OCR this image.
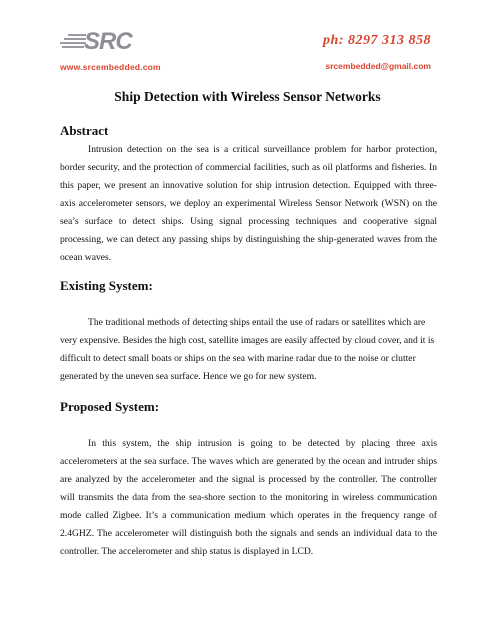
SRC
www.srcembedded.com
ph: 8297 313 858
srcembedded@gmail.com
Ship Detection with Wireless Sensor Networks
Abstract
Intrusion detection on the sea is a critical surveillance problem for harbor protection, border security, and the protection of commercial facilities, such as oil platforms and fisheries. In this paper, we present an innovative solution for ship intrusion detection. Equipped with three-axis accelerometer sensors, we deploy an experimental Wireless Sensor Network (WSN) on the sea’s surface to detect ships. Using signal processing techniques and cooperative signal processing, we can detect any passing ships by distinguishing the ship-generated waves from the ocean waves.
Existing System:
The traditional methods of detecting ships entail the use of radars or satellites which are very expensive. Besides the high cost, satellite images are easily affected by cloud cover, and it is difficult to detect small boats or ships on the sea with marine radar due to the noise or clutter generated by the uneven sea surface. Hence we go for new system.
Proposed System:
In this system, the ship intrusion is going to be detected by placing three axis accelerometers at the sea surface. The waves which are generated by the ocean and intruder ships are analyzed by the accelerometer and the signal is processed by the controller. The controller will transmits the data from the sea-shore section to the monitoring in wireless communication mode called Zigbee. It’s a communication medium which operates in the frequency range of 2.4GHZ. The accelerometer will distinguish both the signals and sends an individual data to the controller. The accelerometer and ship status is displayed in LCD.
